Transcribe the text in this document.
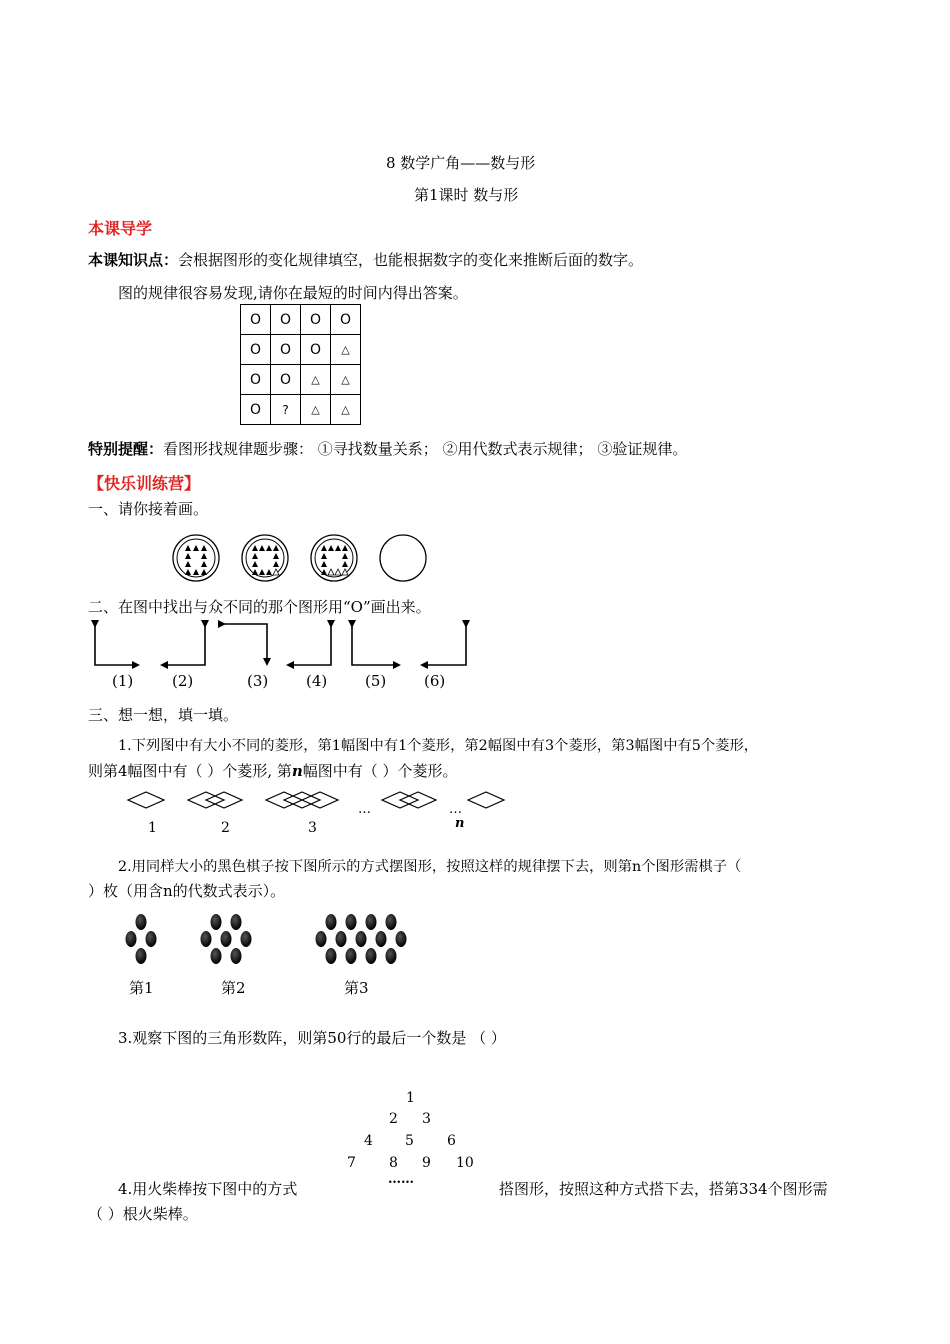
8 数学广角——数与形
第1课时 数与形
本课导学
本课知识点：会根据图形的变化规律填空，也能根据数字的变化来推断后面的数字。
图的规律很容易发现,请你在最短的时间内得出答案。
O	O	O	O
O	O	O	△
O	O	△	△
O	?	△	△
特别提醒：看图形找规律题步骤： ①寻找数量关系； ②用代数式表示规律； ③验证规律。
【快乐训练营】
一、请你接着画。
二、在图中找出与众不同的那个图形用“O”画出来。
(1)	(2)	(3)	(4)	(5)	(6)
三、想一想，填一填。
1.下列图中有大小不同的菱形，第1幅图中有1个菱形，第2幅图中有3个菱形，第3幅图中有5个菱形，
则第4幅图中有（ ）个菱形, 第n幅图中有（ ）个菱形。
…	…
1	2	3	n
2.用同样大小的黑色棋子按下图所示的方式摆图形，按照这样的规律摆下去，则第n个图形需棋子（
）枚（用含n的代数式表示）。
第1	第2	第3
3.观察下图的三角形数阵，则第50行的最后一个数是 （ ）
1
2 3
4 5 6
7 8 9 10
4.用火柴棒按下图中的方式
……
搭图形，按照这种方式搭下去，搭第334个图形需
（ ）根火柴棒。
